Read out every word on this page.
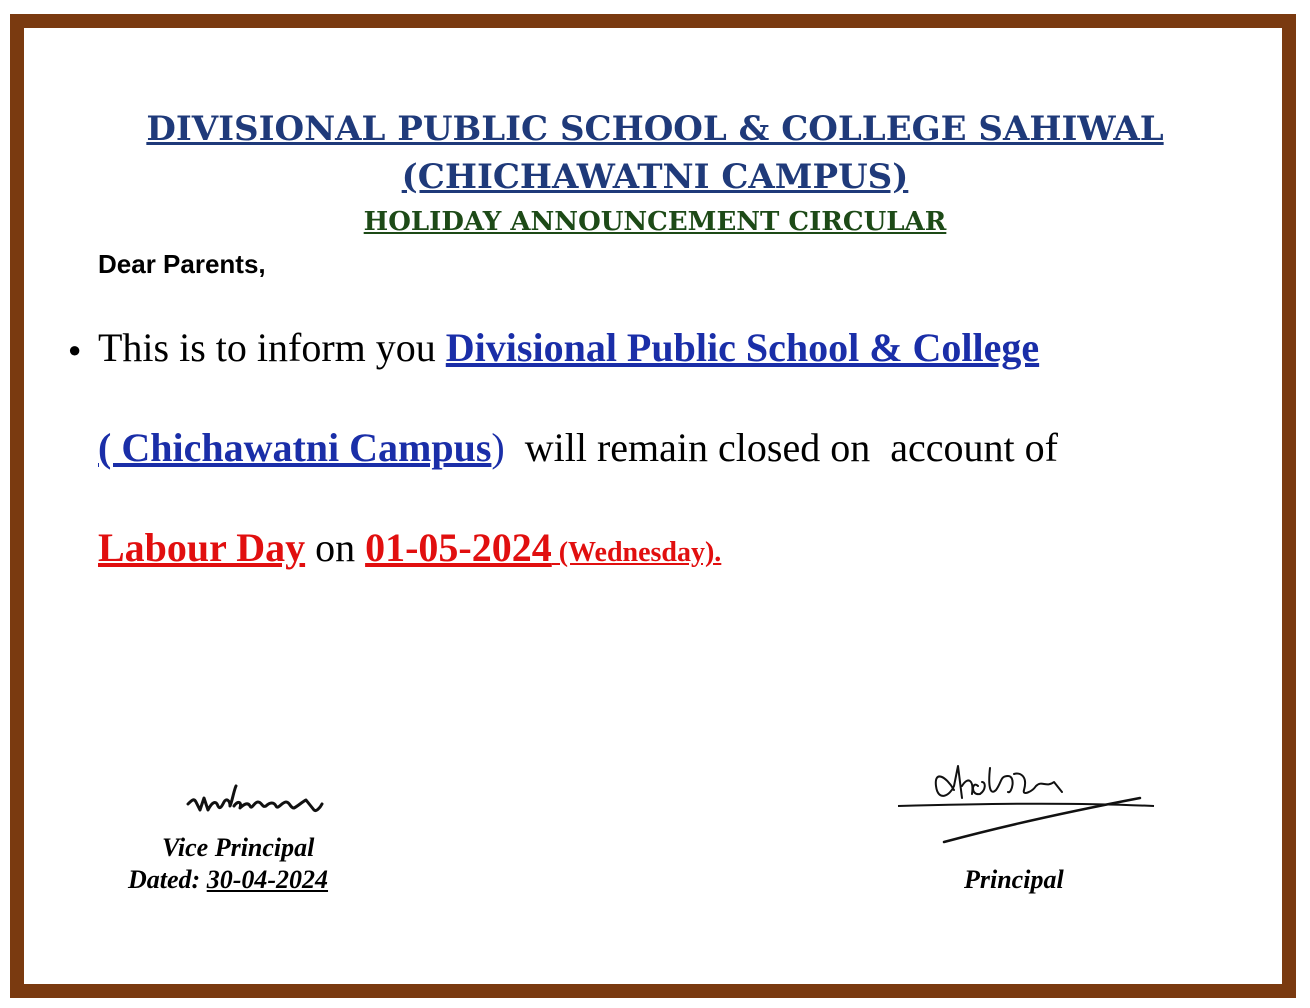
DIVISIONAL PUBLIC SCHOOL & COLLEGE SAHIWAL
(CHICHAWATNI CAMPUS)
HOLIDAY ANNOUNCEMENT CIRCULAR
Dear Parents,
● This is to inform you Divisional Public School & College
( Chichawatni Campus)  will remain closed on  account of
Labour Day on 01-05-2024 (Wednesday).
Vice Principal
Dated: 30-04-2024	Principal
